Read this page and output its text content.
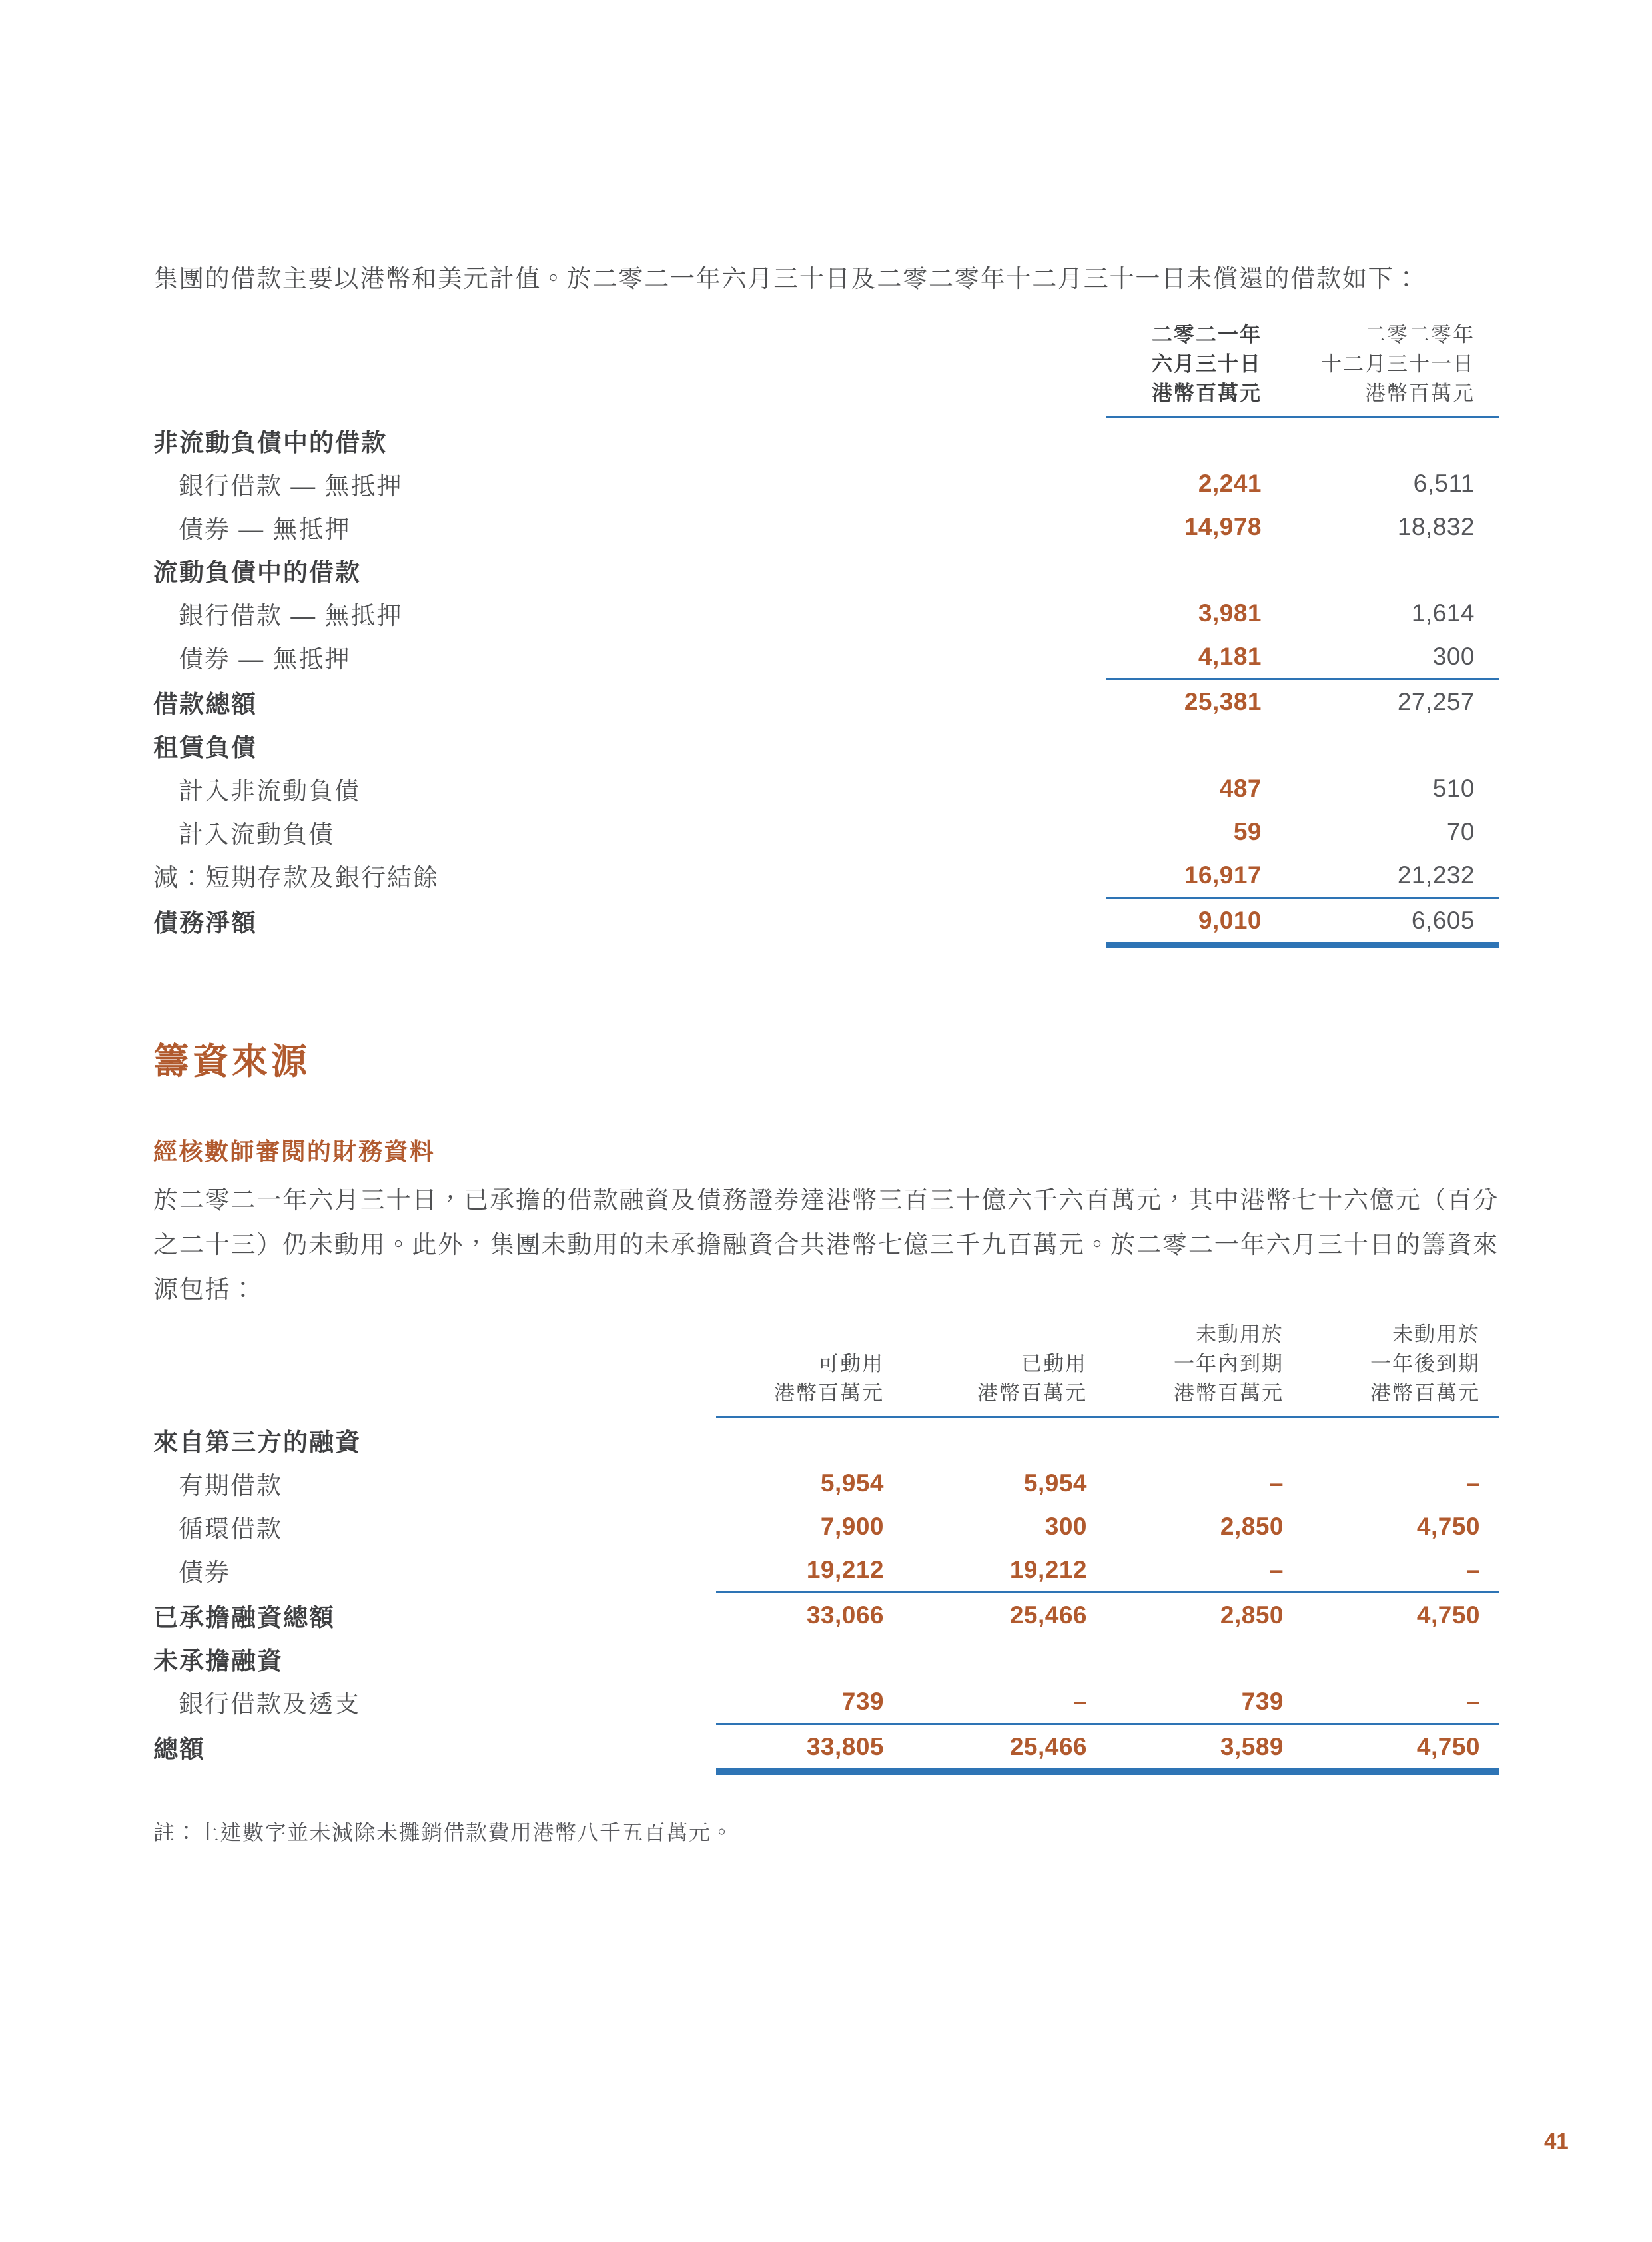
集團的借款主要以港幣和美元計值。於二零二一年六月三十日及二零二零年十二月三十一日未償還的借款如下：

二零二一年
六月三十日
港幣百萬元
二零二零年
十二月三十一日
港幣百萬元
非流動負債中的借款
銀行借款 — 無抵押	2,241	6,511
債券 — 無抵押	14,978	18,832
流動負債中的借款
銀行借款 — 無抵押	3,981	1,614
債券 — 無抵押	4,181	300
借款總額	25,381	27,257
租賃負債
計入非流動負債	487	510
計入流動負債	59	70
減：短期存款及銀行結餘	16,917	21,232
債務淨額	9,010	6,605
籌資來源
經核數師審閱的財務資料

於二零二一年六月三十日，已承擔的借款融資及債務證券達港幣三百三十億六千六百萬元，其中港幣七十六億元（百分之二十三）仍未動用。此外，集團未動用的未承擔融資合共港幣七億三千九百萬元。於二零二一年六月三十日的籌資來源包括：

可動用
港幣百萬元
已動用
港幣百萬元
未動用於
一年內到期
港幣百萬元
未動用於
一年後到期
港幣百萬元
來自第三方的融資
有期借款	5,954	5,954	–	–
循環借款	7,900	300	2,850	4,750
債券	19,212	19,212	–	–
已承擔融資總額	33,066	25,466	2,850	4,750
未承擔融資
銀行借款及透支	739	–	739	–
總額	33,805	25,466	3,589	4,750

註：上述數字並未減除未攤銷借款費用港幣八千五百萬元。

41
